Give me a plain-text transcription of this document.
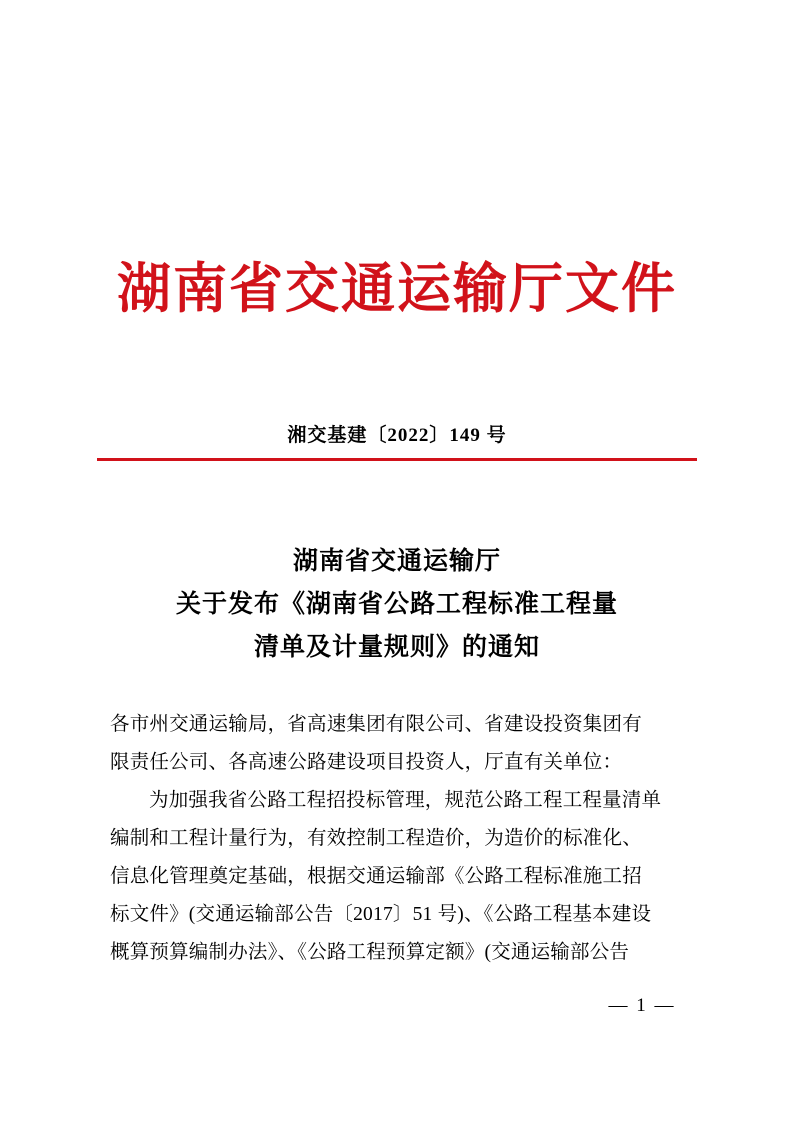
湖南省交通运输厅文件
湘交基建〔2022〕149 号
湖南省交通运输厅
关于发布《湖南省公路工程标准工程量
清单及计量规则》的通知
各市州交通运输局，省高速集团有限公司、省建设投资集团有
限责任公司、各高速公路建设项目投资人，厅直有关单位：
为加强我省公路工程招投标管理，规范公路工程工程量清单
编制和工程计量行为，有效控制工程造价，为造价的标准化、
信息化管理奠定基础，根据交通运输部《公路工程标准施工招
标文件》(交通运输部公告〔2017〕51 号)、《公路工程基本建设
概算预算编制办法》、《公路工程预算定额》(交通运输部公告
— 1 —
